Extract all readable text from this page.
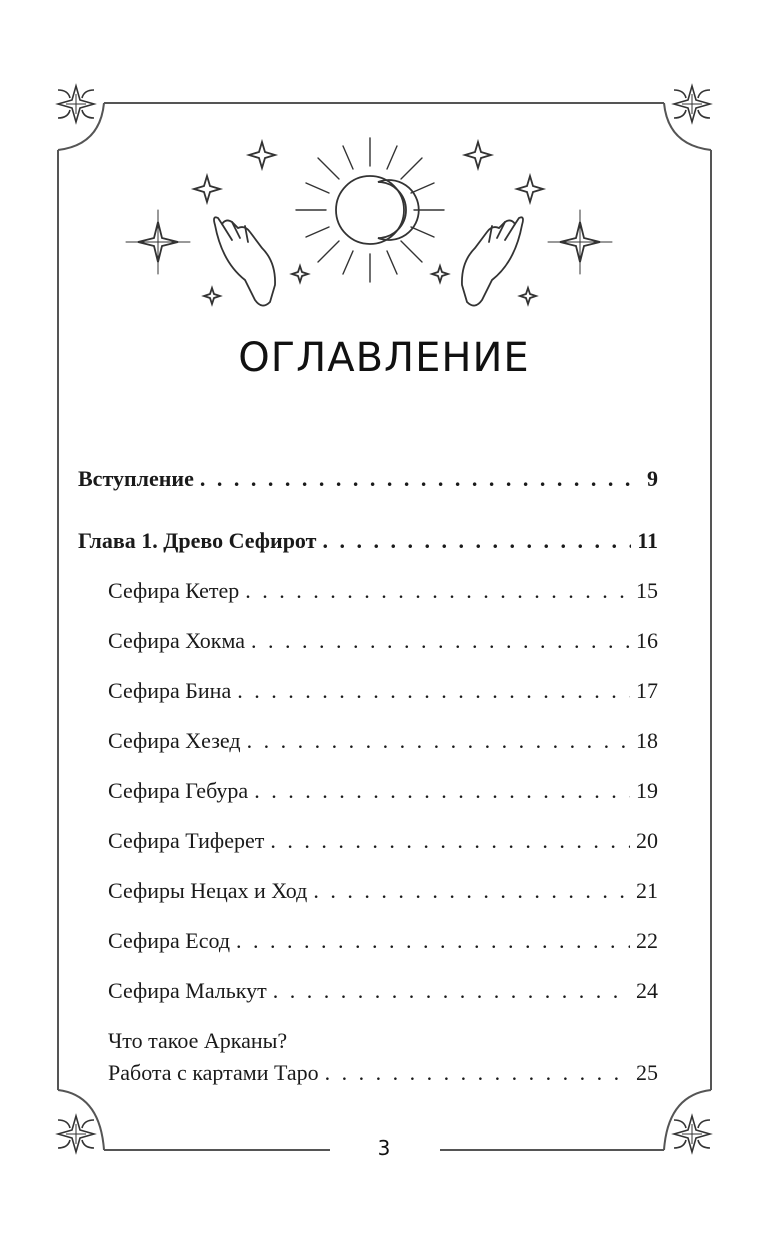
ОГЛАВЛЕНИЕ
Вступление . . .	9
Глава 1. Древо Сефирот . . .	11
Сефира Кетер . . .	15
Сефира Хокма . . .	16
Сефира Бина . . .	17
Сефира Хезед . . .	18
Сефира Гебура . . .	19
Сефира Тиферет . . .	20
Сефиры Нецах и Ход . . .	21
Сефира Есод . . .	22
Сефира Малькут . . .	24
Что такое Арканы?
Работа с картами Таро . . .	25
3
